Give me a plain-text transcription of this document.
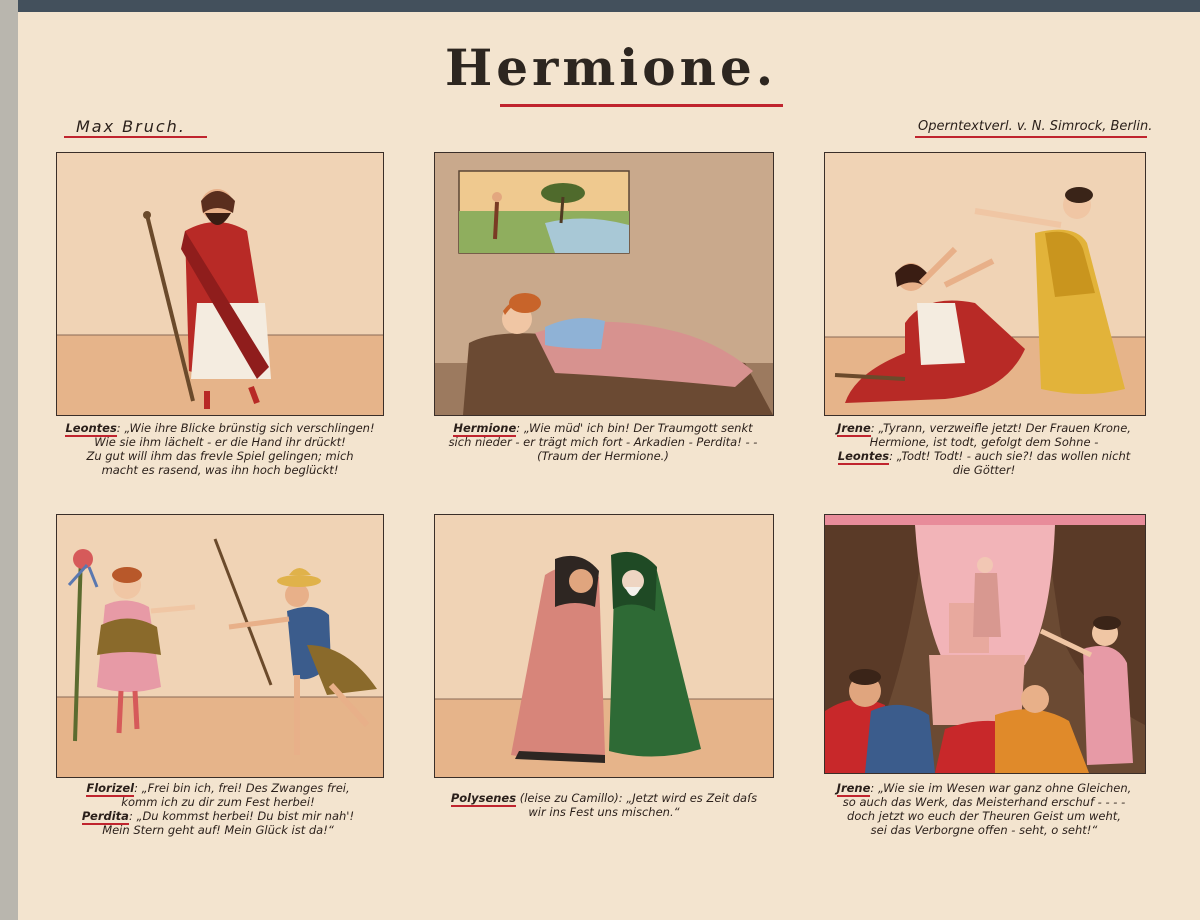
Hermione.
Max Bruch.	Operntextverl. v. N. Simrock, Berlin.
Leontes: „Wie ihre Blicke brünstig sich verschlingen!
Wie sie ihm lächelt - er die Hand ihr drückt!
Zu gut will ihm das frevle Spiel gelingen; mich
macht es rasend, was ihn hoch beglückt!
Hermione: „Wie müd' ich bin! Der Traumgott senkt
sich nieder - er trägt mich fort - Arkadien - Perdita! - -
(Traum der Hermione.)
Jrene: „Tyrann, verzweifle jetzt! Der Frauen Krone,
Hermione, ist todt, gefolgt dem Sohne -
Leontes: „Todt! Todt! - auch sie?! das wollen nicht
die Götter!
Florizel: „Frei bin ich, frei! Des Zwanges frei,
komm ich zu dir zum Fest herbei!
Perdita: „Du kommst herbei! Du bist mir nah'!
Mein Stern geht auf! Mein Glück ist da!“
Polysenes (leise zu Camillo): „Jetzt wird es Zeit daſs
wir ins Fest uns mischen.“
Jrene: „Wie sie im Wesen war ganz ohne Gleichen,
so auch das Werk, das Meisterhand erschuf - - - -
doch jetzt wo euch der Theuren Geist um weht,
sei das Verborgne offen - seht, o seht!“
